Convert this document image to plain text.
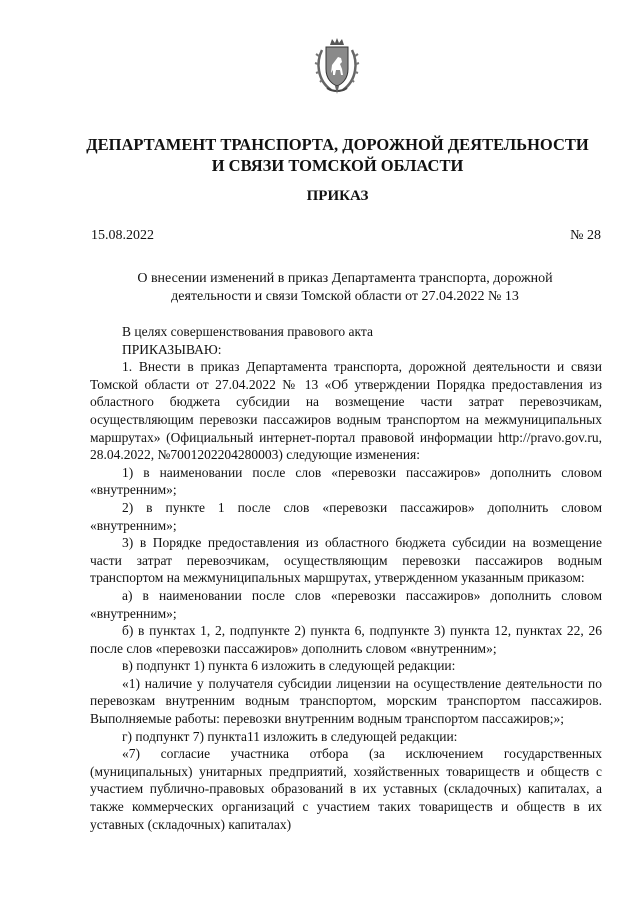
ДЕПАРТАМЕНТ ТРАНСПОРТА, ДОРОЖНОЙ ДЕЯТЕЛЬНОСТИ
И СВЯЗИ ТОМСКОЙ ОБЛАСТИ
ПРИКАЗ
15.08.2022	№ 28
О внесении изменений в приказ Департамента транспорта, дорожной
деятельности и связи Томской области от 27.04.2022 № 13

В целях совершенствования правового акта

ПРИКАЗЫВАЮ:

1. Внести в приказ Департамента транспорта, дорожной деятельности и связи Томской области от 27.04.2022 № 13 «Об утверждении Порядка предоставления из областного бюджета субсидии на возмещение части затрат перевозчикам, осуществляющим перевозки пассажиров водным транспортом на межмуниципальных маршрутах» (Официальный интернет-портал правовой информации http://pravo.gov.ru, 28.04.2022, №7001202204280003) следующие изменения:

1) в наименовании после слов «перевозки пассажиров» дополнить словом «внутренним»;

2) в пункте 1 после слов «перевозки пассажиров» дополнить словом «внутренним»;

3) в Порядке предоставления из областного бюджета субсидии на возмещение части затрат перевозчикам, осуществляющим перевозки пассажиров водным транспортом на межмуниципальных маршрутах, утвержденном указанным приказом:

а) в наименовании после слов «перевозки пассажиров» дополнить словом «внутренним»;

б) в пунктах 1, 2, подпункте 2) пункта 6, подпункте 3) пункта 12, пунктах 22, 26 после слов «перевозки пассажиров» дополнить словом «внутренним»;

в) подпункт 1) пункта 6 изложить в следующей редакции:

«1) наличие у получателя субсидии лицензии на осуществление деятельности по перевозкам внутренним водным транспортом, морским транспортом пассажиров. Выполняемые работы: перевозки внутренним водным транспортом пассажиров;»;

г) подпункт 7) пункта11 изложить в следующей редакции:

«7) согласие участника отбора (за исключением государственных (муниципальных) унитарных предприятий, хозяйственных товариществ и обществ с участием публично-правовых образований в их уставных (складочных) капиталах, а также коммерческих организаций с участием таких товариществ и обществ в их уставных (складочных) капиталах)
